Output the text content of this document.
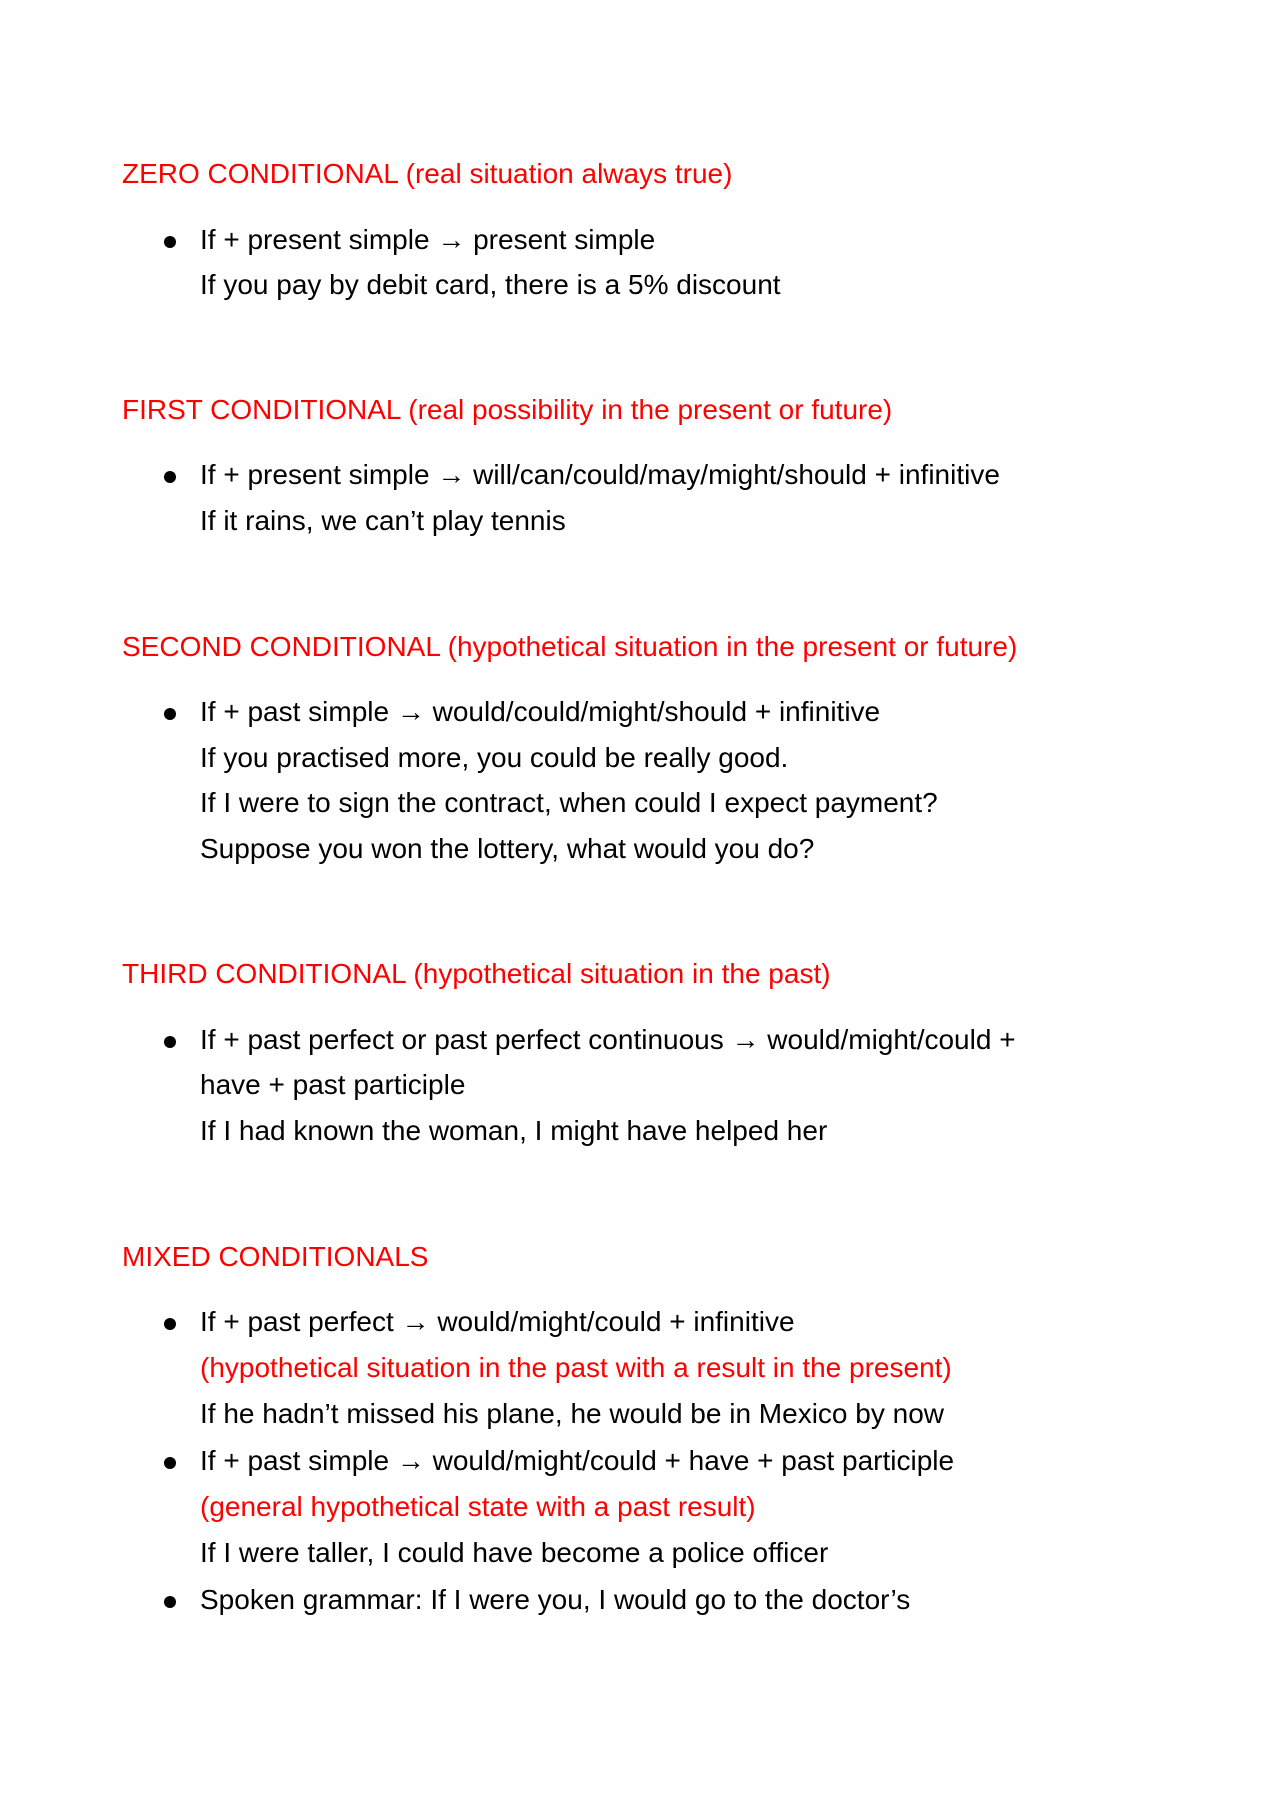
ZERO CONDITIONAL (real situation always true)
If + present simple → present simple
If you pay by debit card, there is a 5% discount
FIRST CONDITIONAL (real possibility in the present or future)
If + present simple → will/can/could/may/might/should + infinitive
If it rains, we can’t play tennis
SECOND CONDITIONAL (hypothetical situation in the present or future)
If + past simple → would/could/might/should + infinitive
If you practised more, you could be really good.
If I were to sign the contract, when could I expect payment?
Suppose you won the lottery, what would you do?
THIRD CONDITIONAL (hypothetical situation in the past)
If + past perfect or past perfect continuous → would/might/could +
have + past participle
If I had known the woman, I might have helped her
MIXED CONDITIONALS
If + past perfect → would/might/could + infinitive
(hypothetical situation in the past with a result in the present)
If he hadn’t missed his plane, he would be in Mexico by now
If + past simple → would/might/could + have + past participle
(general hypothetical state with a past result)
If I were taller, I could have become a police officer
Spoken grammar: If I were you, I would go to the doctor’s
